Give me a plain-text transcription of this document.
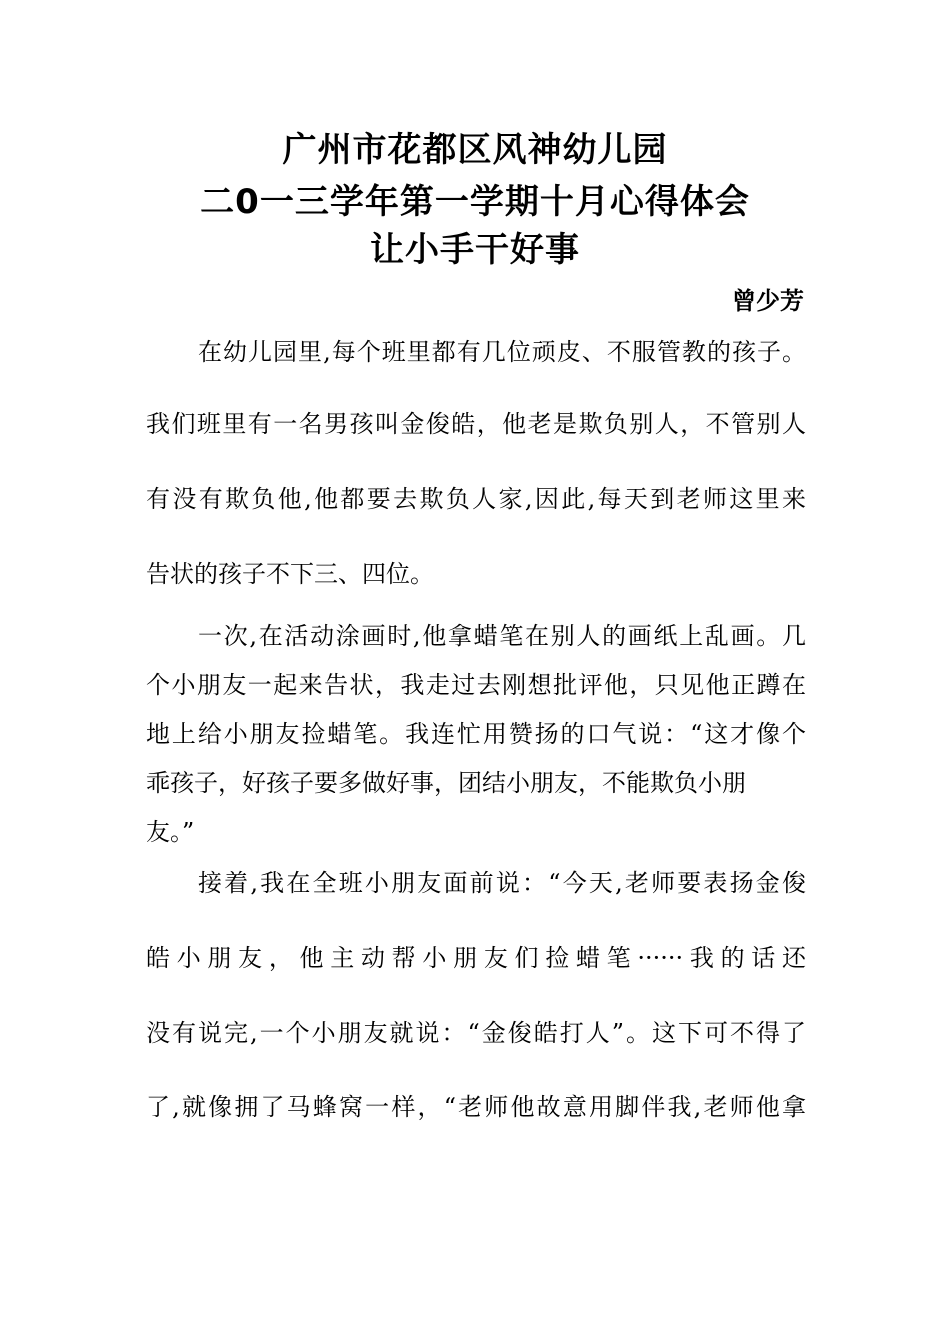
广州市花都区风神幼儿园
二0一三学年第一学期十月心得体会
让小手干好事
曾少芳
在幼儿园里,每个班里都有几位顽皮、不服管教的孩子。
我们班里有一名男孩叫金俊皓，他老是欺负别人，不管别人
有没有欺负他,他都要去欺负人家,因此,每天到老师这里来
告状的孩子不下三、四位。
一次,在活动涂画时,他拿蜡笔在别人的画纸上乱画。几
个小朋友一起来告状，我走过去刚想批评他，只见他正蹲在
地上给小朋友捡蜡笔。我连忙用赞扬的口气说：“这才像个
乖孩子，好孩子要多做好事，团结小朋友，不能欺负小朋
友。”
接着,我在全班小朋友面前说：“今天,老师要表扬金俊
皓小朋友，他主动帮小朋友们捡蜡笔······我的话还
没有说完,一个小朋友就说：“金俊皓打人”。这下可不得了
了,就像拥了马蜂窝一样，“老师他故意用脚伴我,老师他拿
